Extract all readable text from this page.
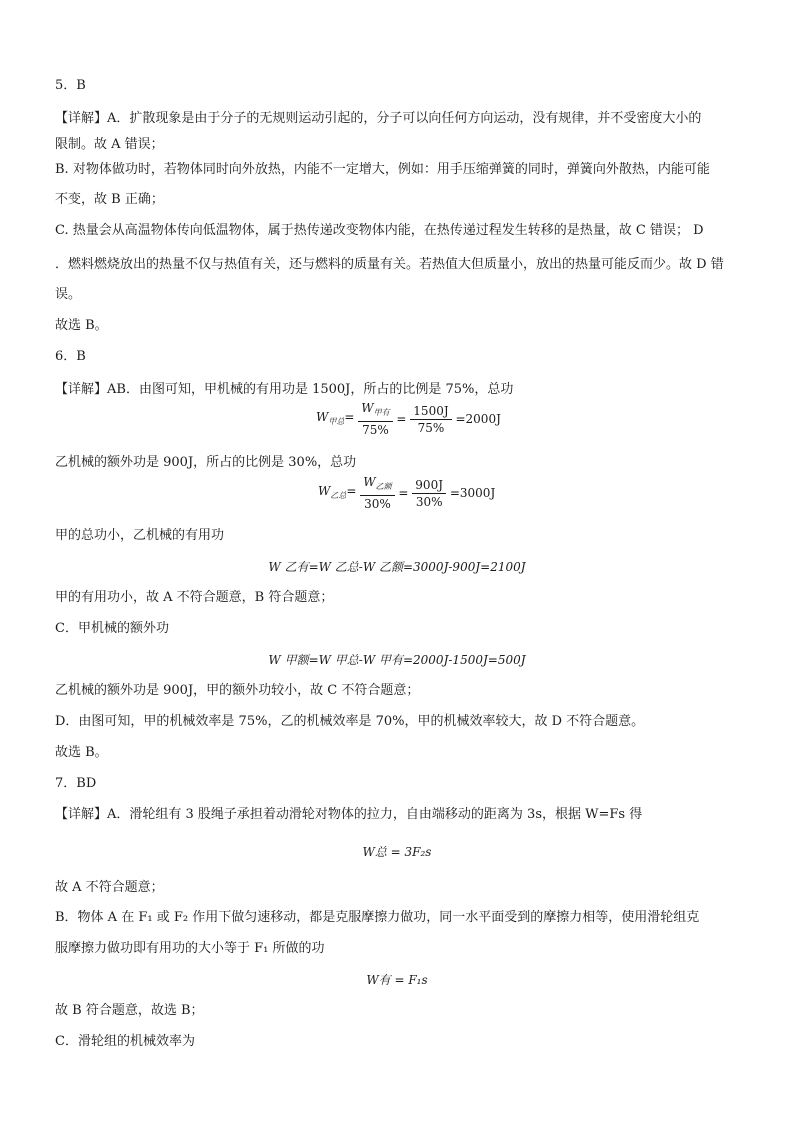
5．B
【详解】A．扩散现象是由于分子的无规则运动引起的，分子可以向任何方向运动，没有规律，并不受密度大小的
限制。故 A 错误；
B. 对物体做功时，若物体同时向外放热，内能不一定增大，例如：用手压缩弹簧的同时，弹簧向外散热，内能可能
不变，故 B 正确；
C. 热量会从高温物体传向低温物体，属于热传递改变物体内能，在热传递过程发生转移的是热量，故 C 错误； D
．燃料燃烧放出的热量不仅与热值有关，还与燃料的质量有关。若热值大但质量小，放出的热量可能反而少。故 D 错
误。
故选 B。
6．B
【详解】AB．由图可知，甲机械的有用功是 1500J，所占的比例是 75%，总功
$W_{甲总}= \frac{W_{甲有}}{75\%} = \frac{1500J}{75\%} =2000J$
乙机械的额外功是 900J，所占的比例是 30%，总功
$W_{乙总}= \frac{W_{乙额}}{30\%} = \frac{900J}{30\%} =3000J$
甲的总功小，乙机械的有用功
W 乙有=W 乙总-W 乙额=3000J-900J=2100J
甲的有用功小，故 A 不符合题意，B 符合题意；
C．甲机械的额外功
W 甲额=W 甲总-W 甲有=2000J-1500J=500J
乙机械的额外功是 900J，甲的额外功较小，故 C 不符合题意；
D．由图可知，甲的机械效率是 75%，乙的机械效率是 70%，甲的机械效率较大，故 D 不符合题意。
故选 B。
7．BD
【详解】A．滑轮组有 3 股绳子承担着动滑轮对物体的拉力，自由端移动的距离为 3s，根据 W=Fs 得
W总 = 3F₂s
故 A 不符合题意；
B．物体 A 在 F₁ 或 F₂ 作用下做匀速移动，都是克服摩擦力做功，同一水平面受到的摩擦力相等，使用滑轮组克
服摩擦力做功即有用功的大小等于 F₁ 所做的功
W有 = F₁s
故 B 符合题意，故选 B；
C．滑轮组的机械效率为
